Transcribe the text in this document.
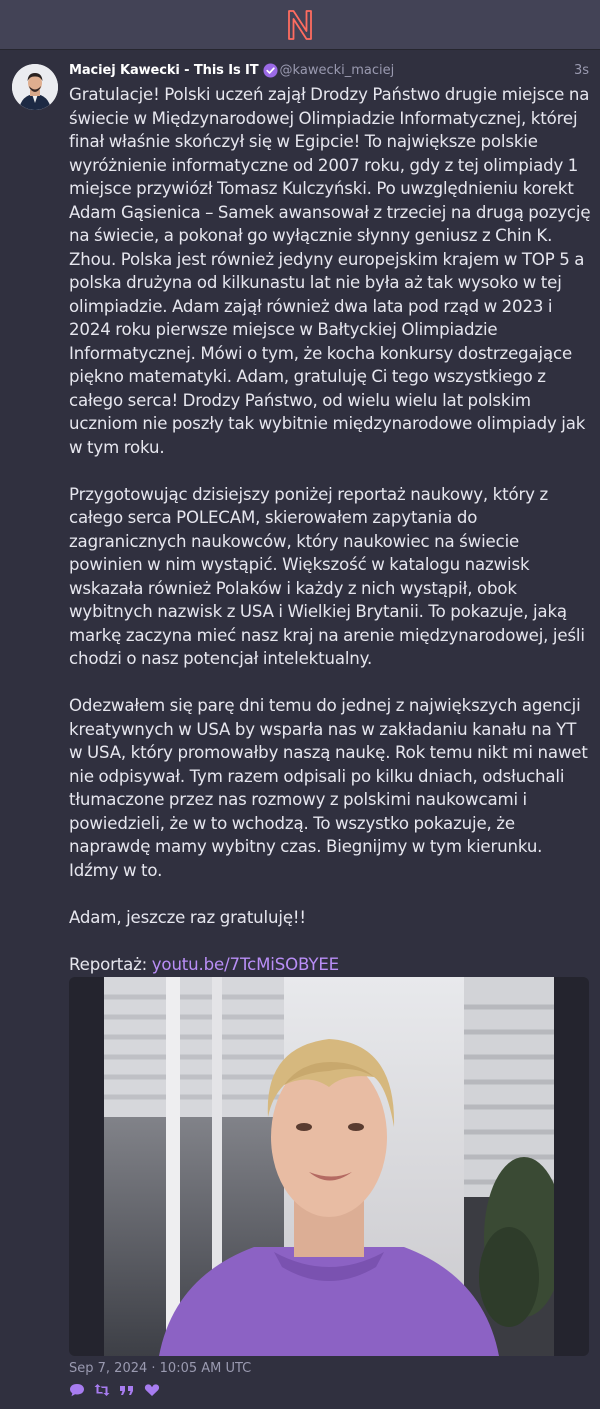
Maciej Kawecki - This Is IT @kawecki_maciej	3s

Gratulacje! Polski uczeń zajął Drodzy Państwo drugie miejsce na świecie w Międzynarodowej Olimpiadzie Informatycznej, której finał właśnie skończył się w Egipcie! To największe polskie wyróżnienie informatyczne od 2007 roku, gdy z tej olimpiady 1 miejsce przywiózł Tomasz Kulczyński. Po uwzględnieniu korekt Adam Gąsienica – Samek awansował z trzeciej na drugą pozycję na świecie, a pokonał go wyłącznie słynny geniusz z Chin K. Zhou. Polska jest również jedyny europejskim krajem w TOP 5 a polska drużyna od kilkunastu lat nie była aż tak wysoko w tej olimpiadzie. Adam zajął również dwa lata pod rząd w 2023 i 2024 roku pierwsze miejsce w Bałtyckiej Olimpiadzie Informatycznej. Mówi o tym, że kocha konkursy dostrzegające piękno matematyki. Adam, gratuluję Ci tego wszystkiego z całego serca! Drodzy Państwo, od wielu wielu lat polskim uczniom nie poszły tak wybitnie międzynarodowe olimpiady jak w tym roku.

Przygotowując dzisiejszy poniżej reportaż naukowy, który z całego serca POLECAM, skierowałem zapytania do zagranicznych naukowców, który naukowiec na świecie powinien w nim wystąpić. Większość w katalogu nazwisk wskazała również Polaków i każdy z nich wystąpił, obok wybitnych nazwisk z USA i Wielkiej Brytanii. To pokazuje, jaką markę zaczyna mieć nasz kraj na arenie międzynarodowej, jeśli chodzi o nasz potencjał intelektualny.

Odezwałem się parę dni temu do jednej z największych agencji kreatywnych w USA by wsparła nas w zakładaniu kanału na YT w USA, który promowałby naszą naukę. Rok temu nikt mi nawet nie odpisywał. Tym razem odpisali po kilku dniach, odsłuchali tłumaczone przez nas rozmowy z polskimi naukowcami i powiedzieli, że w to wchodzą. To wszystko pokazuje, że naprawdę mamy wybitny czas. Biegnijmy w tym kierunku. Idźmy w to.

Adam, jeszcze raz gratuluję!!

Reportaż: youtu.be/7TcMiSOBYEE

Sep 7, 2024 · 10:05 AM UTC
